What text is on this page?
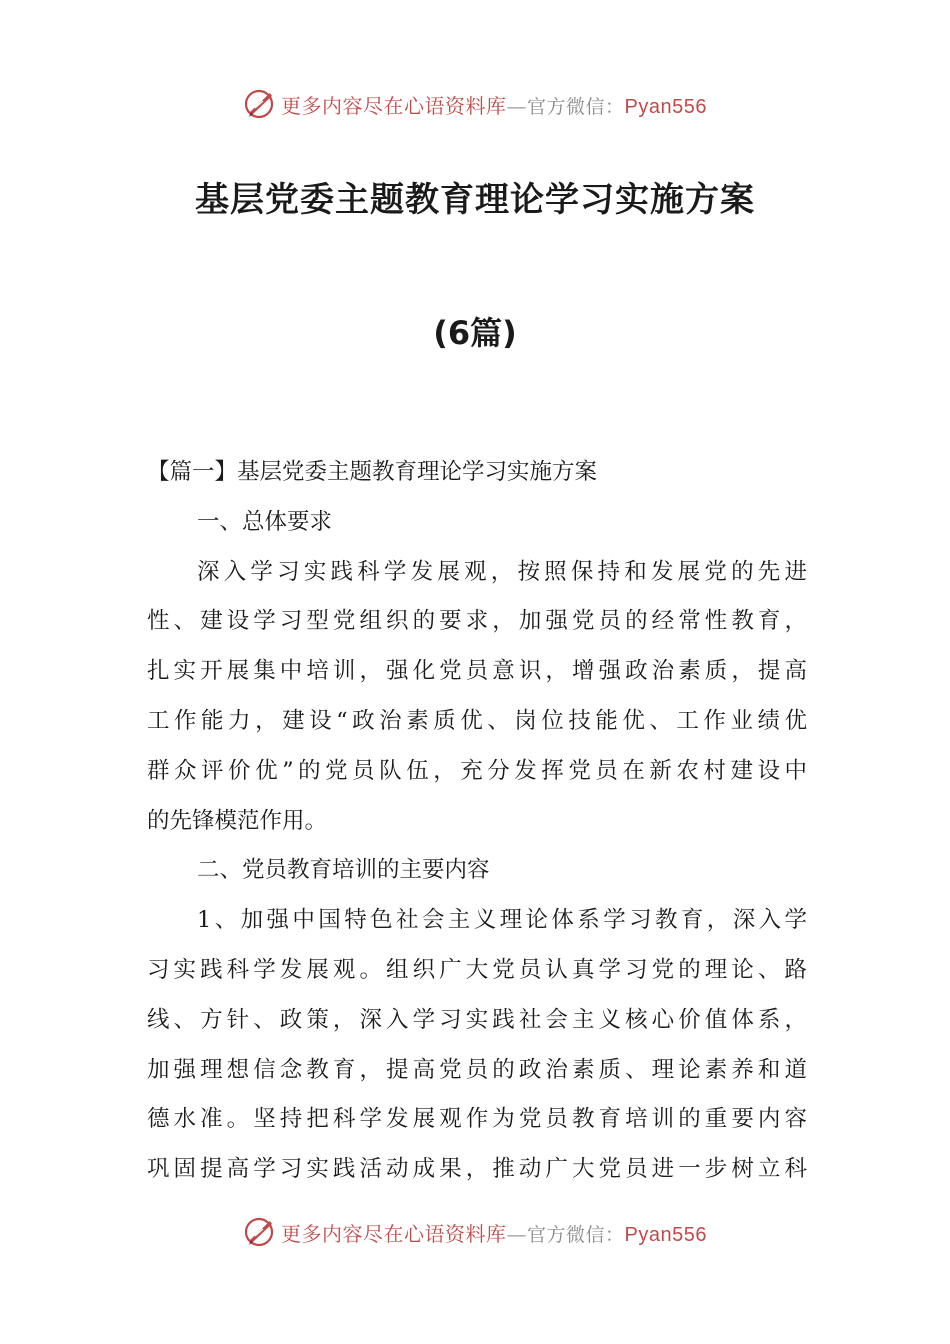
更多内容尽在心语资料库—官方微信：Pyan556
基层党委主题教育理论学习实施方案
(6篇)
【篇一】基层党委主题教育理论学习实施方案
一、总体要求
深入学习实践科学发展观，按照保持和发展党的先进
性、建设学习型党组织的要求，加强党员的经常性教育，
扎实开展集中培训，强化党员意识，增强政治素质，提高
工作能力，建设“政治素质优、岗位技能优、工作业绩优
群众评价优”的党员队伍，充分发挥党员在新农村建设中
的先锋模范作用。
二、党员教育培训的主要内容
1、加强中国特色社会主义理论体系学习教育，深入学
习实践科学发展观。组织广大党员认真学习党的理论、路
线、方针、政策，深入学习实践社会主义核心价值体系，
加强理想信念教育，提高党员的政治素质、理论素养和道
德水准。坚持把科学发展观作为党员教育培训的重要内容
巩固提高学习实践活动成果，推动广大党员进一步树立科
更多内容尽在心语资料库—官方微信：Pyan556
